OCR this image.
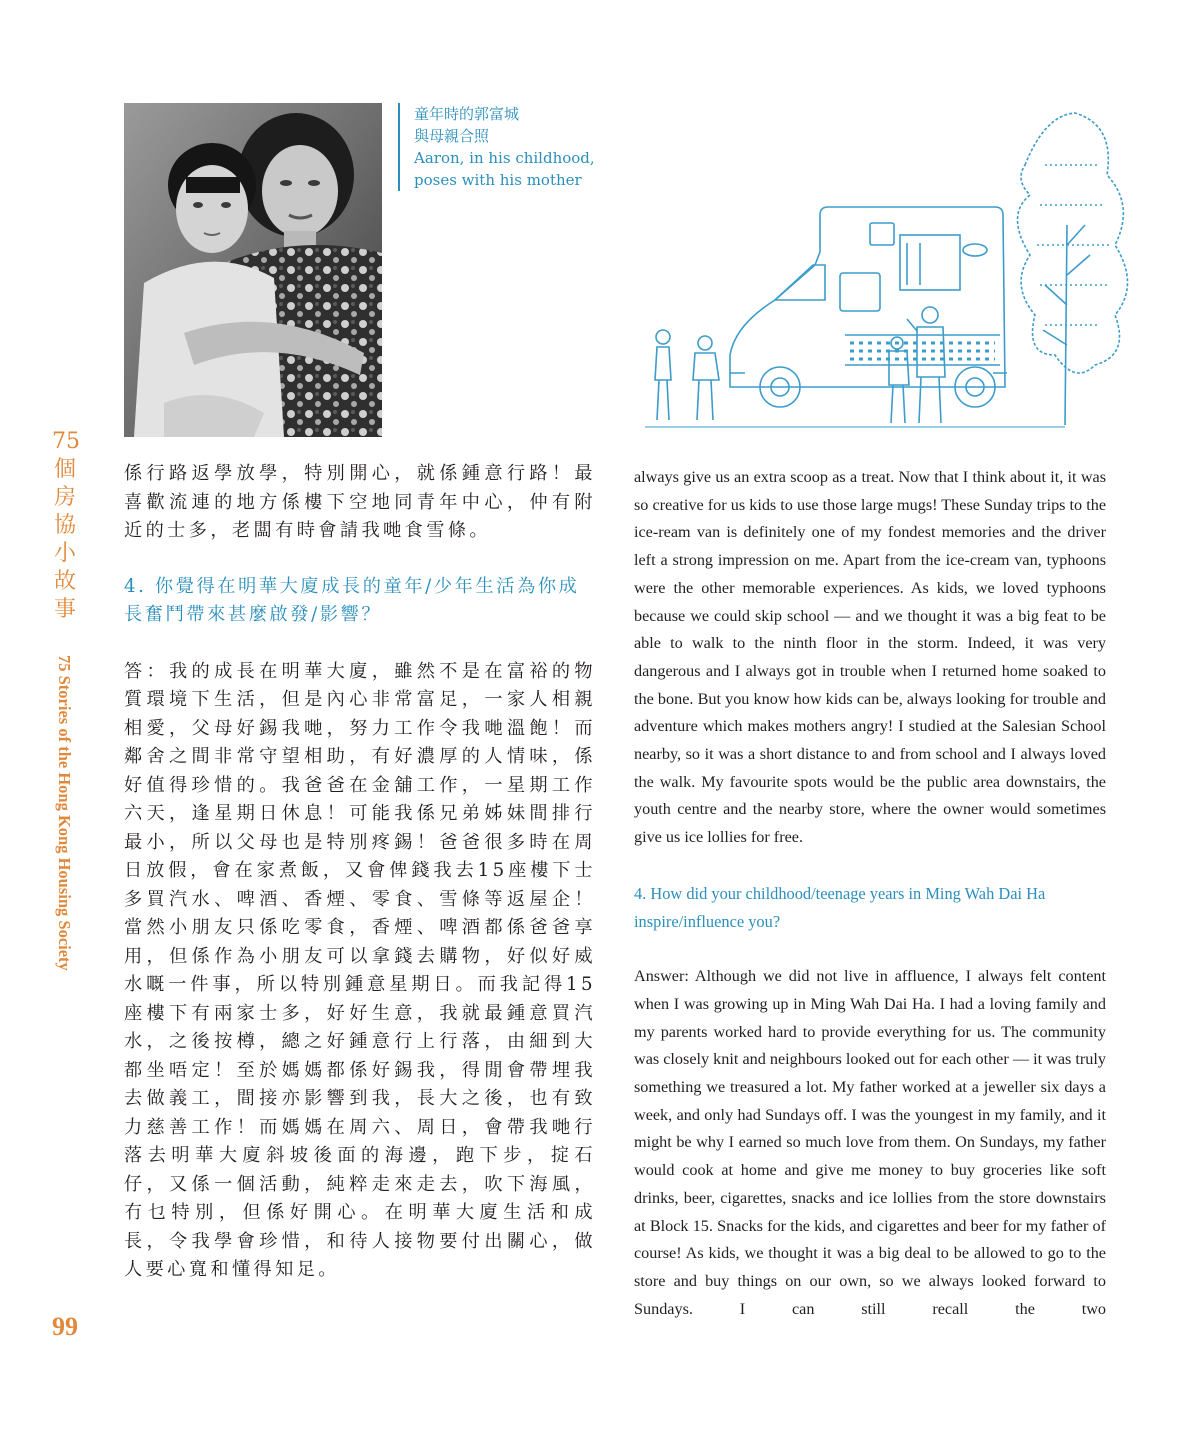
75
個
房
協
小
故
事
75 Stories of the Hong Kong Housing Society
99
童年時的郭富城
與母親合照
Aaron, in his childhood,
poses with his mother

係行路返學放學，特別開心，就係鍾意行路！最喜歡流連的地方係樓下空地同青年中心，仲有附近的士多，老闆有時會請我哋食雪條。

4. 你覺得在明華大廈成長的童年/少年生活為你成長奮鬥帶來甚麼啟發/影響？

答：我的成長在明華大廈，雖然不是在富裕的物質環境下生活，但是內心非常富足，一家人相親相愛，父母好錫我哋，努力工作令我哋溫飽！而鄰舍之間非常守望相助，有好濃厚的人情味，係好值得珍惜的。我爸爸在金舖工作，一星期工作六天，逢星期日休息！可能我係兄弟姊妹間排行最小，所以父母也是特別疼錫！爸爸很多時在周日放假，會在家煮飯，又會俾錢我去15座樓下士多買汽水、啤酒、香煙、零食、雪條等返屋企！當然小朋友只係吃零食，香煙、啤酒都係爸爸享用，但係作為小朋友可以拿錢去購物，好似好威水嘅一件事，所以特別鍾意星期日。而我記得15座樓下有兩家士多，好好生意，我就最鍾意買汽水，之後按樽，總之好鍾意行上行落，由細到大都坐唔定！至於媽媽都係好錫我，得閒會帶埋我去做義工，間接亦影響到我，長大之後，也有致力慈善工作！而媽媽在周六、周日，會帶我哋行落去明華大廈斜坡後面的海邊，跑下步，掟石仔，又係一個活動，純粹走來走去，吹下海風，冇乜特別，但係好開心。在明華大廈生活和成長，令我學會珍惜，和待人接物要付出關心，做人要心寬和懂得知足。

always give us an extra scoop as a treat. Now that I think about it, it was so creative for us kids to use those large mugs! These Sunday trips to the ice-ream van is definitely one of my fondest memories and the driver left a strong impression on me. Apart from the ice-cream van, typhoons were the other memorable experiences. As kids, we loved typhoons because we could skip school — and we thought it was a big feat to be able to walk to the ninth floor in the storm. Indeed, it was very dangerous and I always got in trouble when I returned home soaked to the bone. But you know how kids can be, always looking for trouble and adventure which makes mothers angry! I studied at the Salesian School nearby, so it was a short distance to and from school and I always loved the walk. My favourite spots would be the public area downstairs, the youth centre and the nearby store, where the owner would sometimes give us ice lollies for free.

4. How did your childhood/teenage years in Ming Wah Dai Ha inspire/influence you?

Answer: Although we did not live in affluence, I always felt content when I was growing up in Ming Wah Dai Ha. I had a loving family and my parents worked hard to provide everything for us. The community was closely knit and neighbours looked out for each other — it was truly something we treasured a lot. My father worked at a jeweller six days a week, and only had Sundays off. I was the youngest in my family, and it might be why I earned so much love from them. On Sundays, my father would cook at home and give me money to buy groceries like soft drinks, beer, cigarettes, snacks and ice lollies from the store downstairs at Block 15. Snacks for the kids, and cigarettes and beer for my father of course! As kids, we thought it was a big deal to be allowed to go to the store and buy things on our own, so we always looked forward to Sundays. I can still recall the two
